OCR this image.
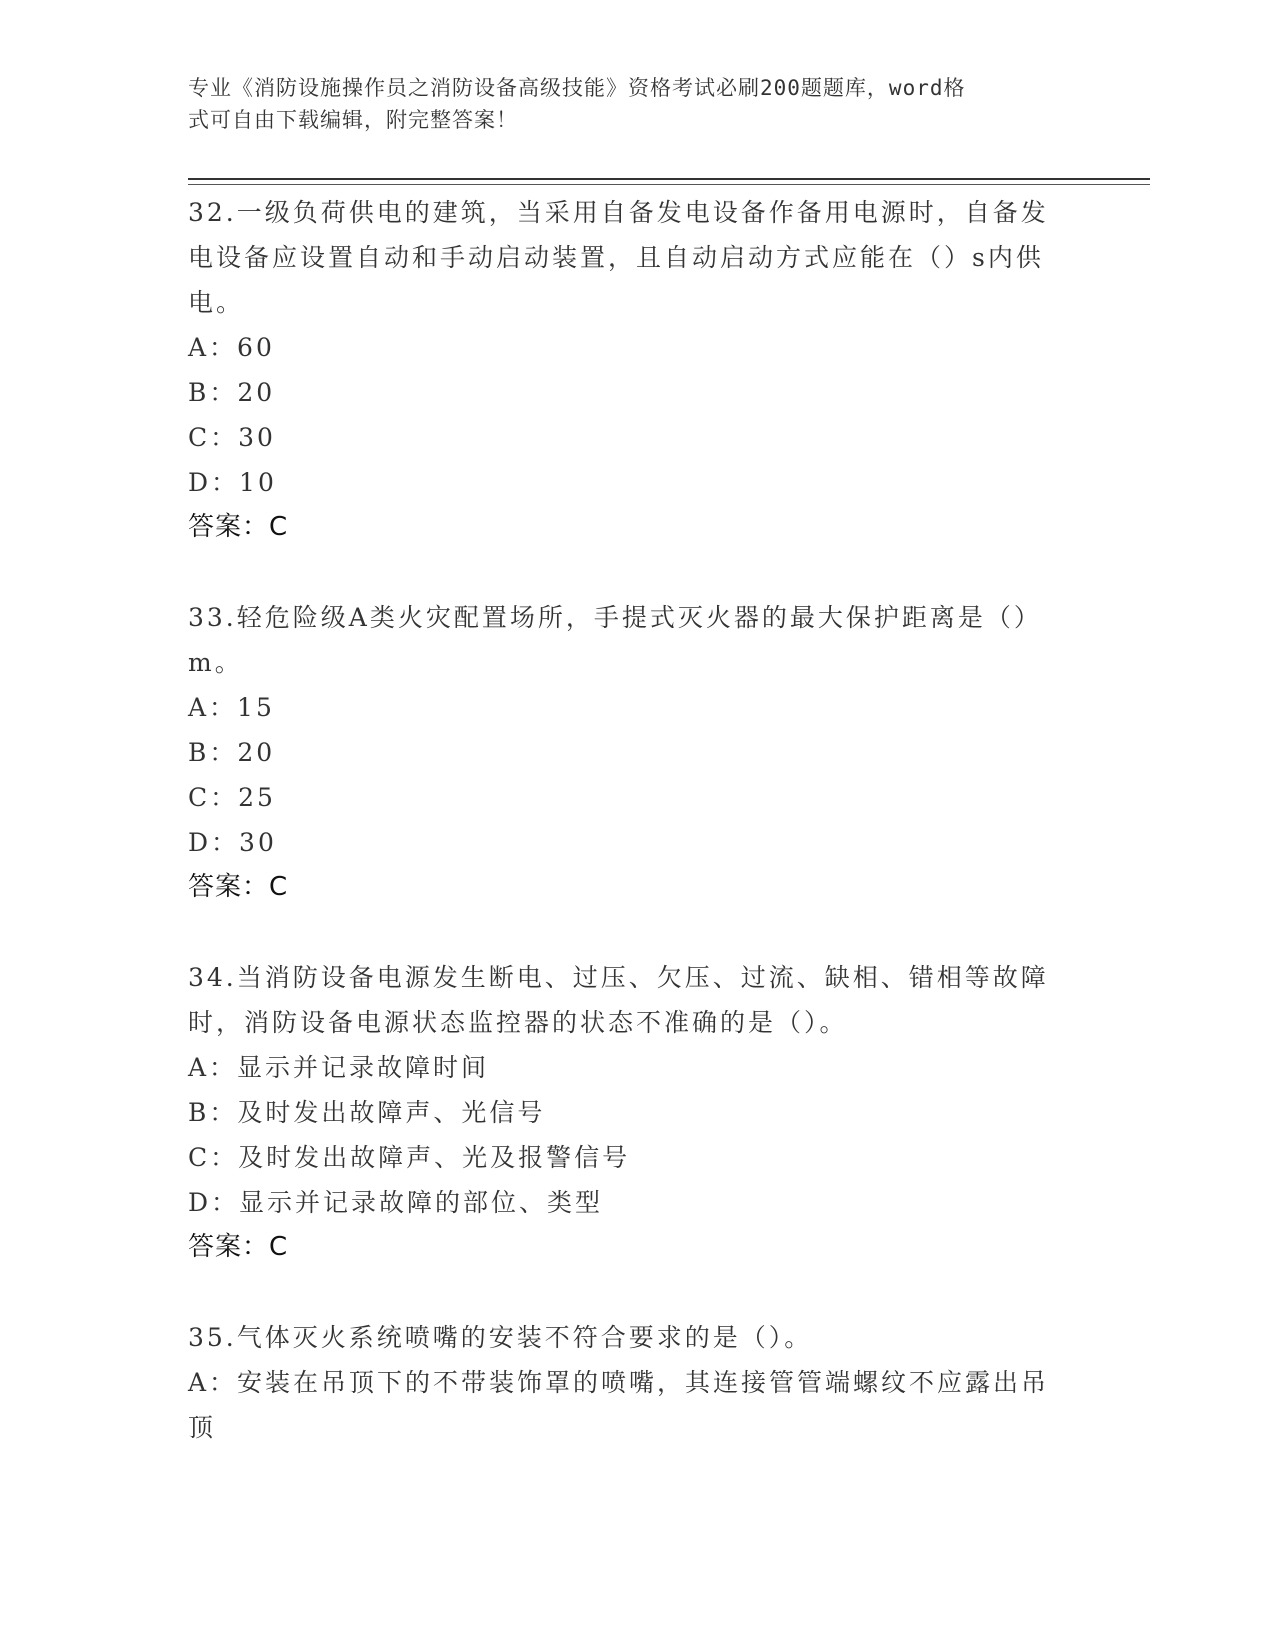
专业《消防设施操作员之消防设备高级技能》资格考试必刷200题题库，word格
式可自由下载编辑，附完整答案！

32.一级负荷供电的建筑，当采用自备发电设备作备用电源时，自备发

电设备应设置自动和手动启动装置，且自动启动方式应能在（）s内供

电。

A：60

B：20

C：30

D：10

答案：C

33.轻危险级A类火灾配置场所，手提式灭火器的最大保护距离是（）

m。

A：15

B：20

C：25

D：30

答案：C

34.当消防设备电源发生断电、过压、欠压、过流、缺相、错相等故障

时，消防设备电源状态监控器的状态不准确的是（）。

A：显示并记录故障时间

B：及时发出故障声、光信号

C：及时发出故障声、光及报警信号

D：显示并记录故障的部位、类型

答案：C

35.气体灭火系统喷嘴的安装不符合要求的是（）。

A：安装在吊顶下的不带装饰罩的喷嘴，其连接管管端螺纹不应露出吊

顶
